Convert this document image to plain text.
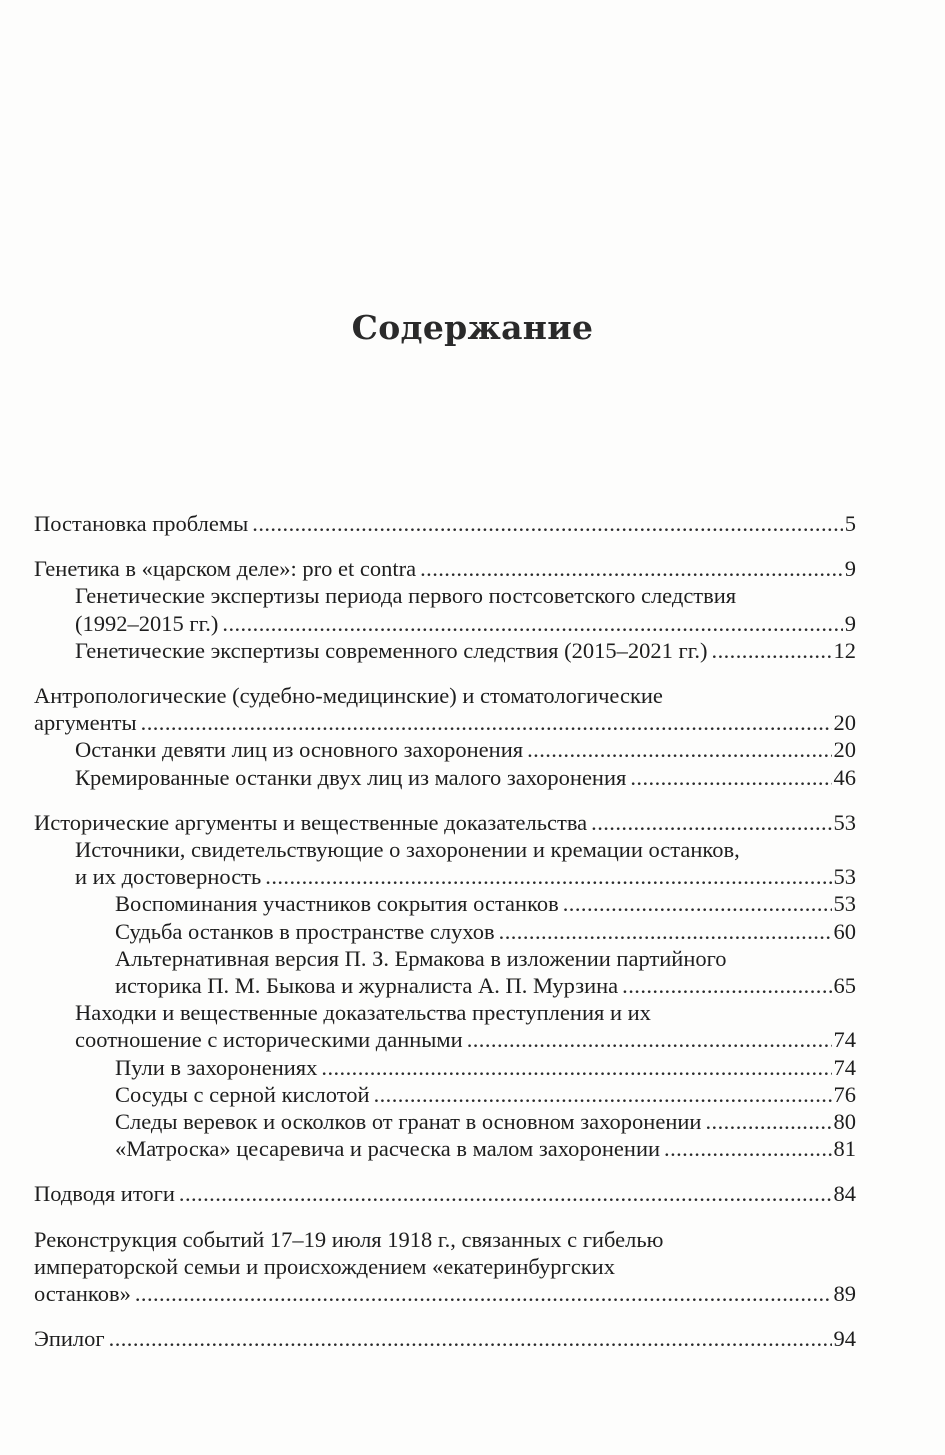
Содержание
Постановка проблемы . . .	5
Генетика в «царском деле»: pro et contra . . .	9
Генетические экспертизы периода первого постсоветского следствия
(1992–2015 гг.) . . .	9
Генетические экспертизы современного следствия (2015–2021 гг.) . . .	12
Антропологические (судебно-медицинские) и стоматологические
аргументы . . .	20
Останки девяти лиц из основного захоронения . . .	20
Кремированные останки двух лиц из малого захоронения . . .	46
Исторические аргументы и вещественные доказательства . . .	53
Источники, свидетельствующие о захоронении и кремации останков,
и их достоверность . . .	53
Воспоминания участников сокрытия останков . . .	53
Судьба останков в пространстве слухов . . .	60
Альтернативная версия П. З. Ермакова в изложении партийного
историка П. М. Быкова и журналиста А. П. Мурзина . . .	65
Находки и вещественные доказательства преступления и их
соотношение с историческими данными . . .	74
Пули в захоронениях . . .	74
Сосуды с серной кислотой . . .	76
Следы веревок и осколков от гранат в основном захоронении . . .	80
«Матроска» цесаревича и расческа в малом захоронении . . .	81
Подводя итоги . . .	84
Реконструкция событий 17–19 июля 1918 г., связанных с гибелью
императорской семьи и происхождением «екатеринбургских
останков» . . .	89
Эпилог . . .	94
